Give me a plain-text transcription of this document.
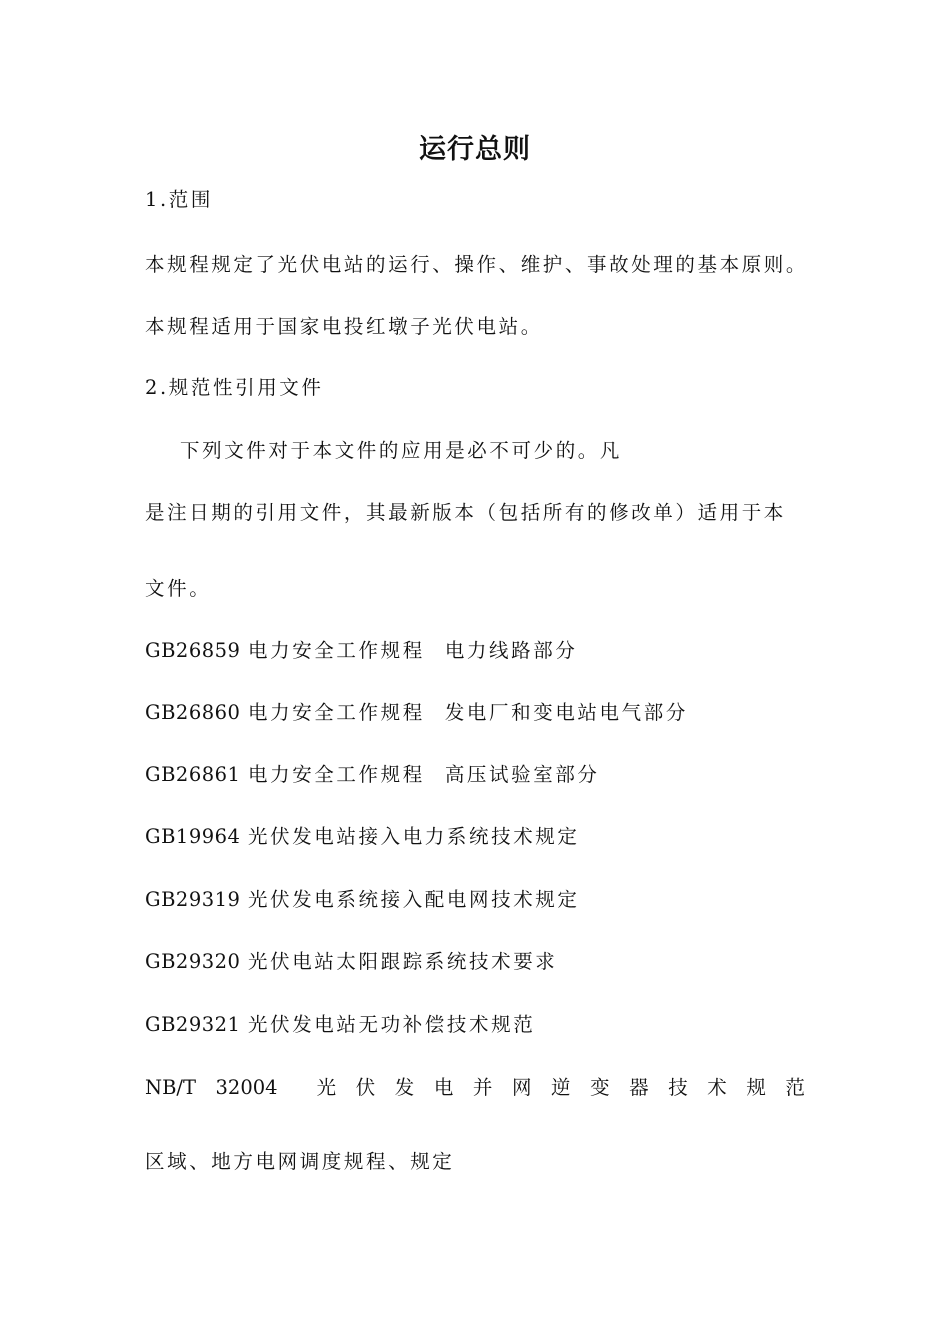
运行总则
1.范围
本规程规定了光伏电站的运行、操作、维护、事故处理的基本原则。
本规程适用于国家电投红墩子光伏电站。
2.规范性引用文件
下列文件对于本文件的应用是必不可少的。凡
是注日期的引用文件，其最新版本（包括所有的修改单）适用于本
文件。
GB26859 电力安全工作规程 电力线路部分
GB26860 电力安全工作规程 发电厂和变电站电气部分
GB26861 电力安全工作规程 高压试验室部分
GB19964 光伏发电站接入电力系统技术规定
GB29319 光伏发电系统接入配电网技术规定
GB29320 光伏电站太阳跟踪系统技术要求
GB29321 光伏发电站无功补偿技术规范
NB/T 32004 光 伏 发 电 并 网 逆 变 器 技 术 规 范
区域、地方电网调度规程、规定
